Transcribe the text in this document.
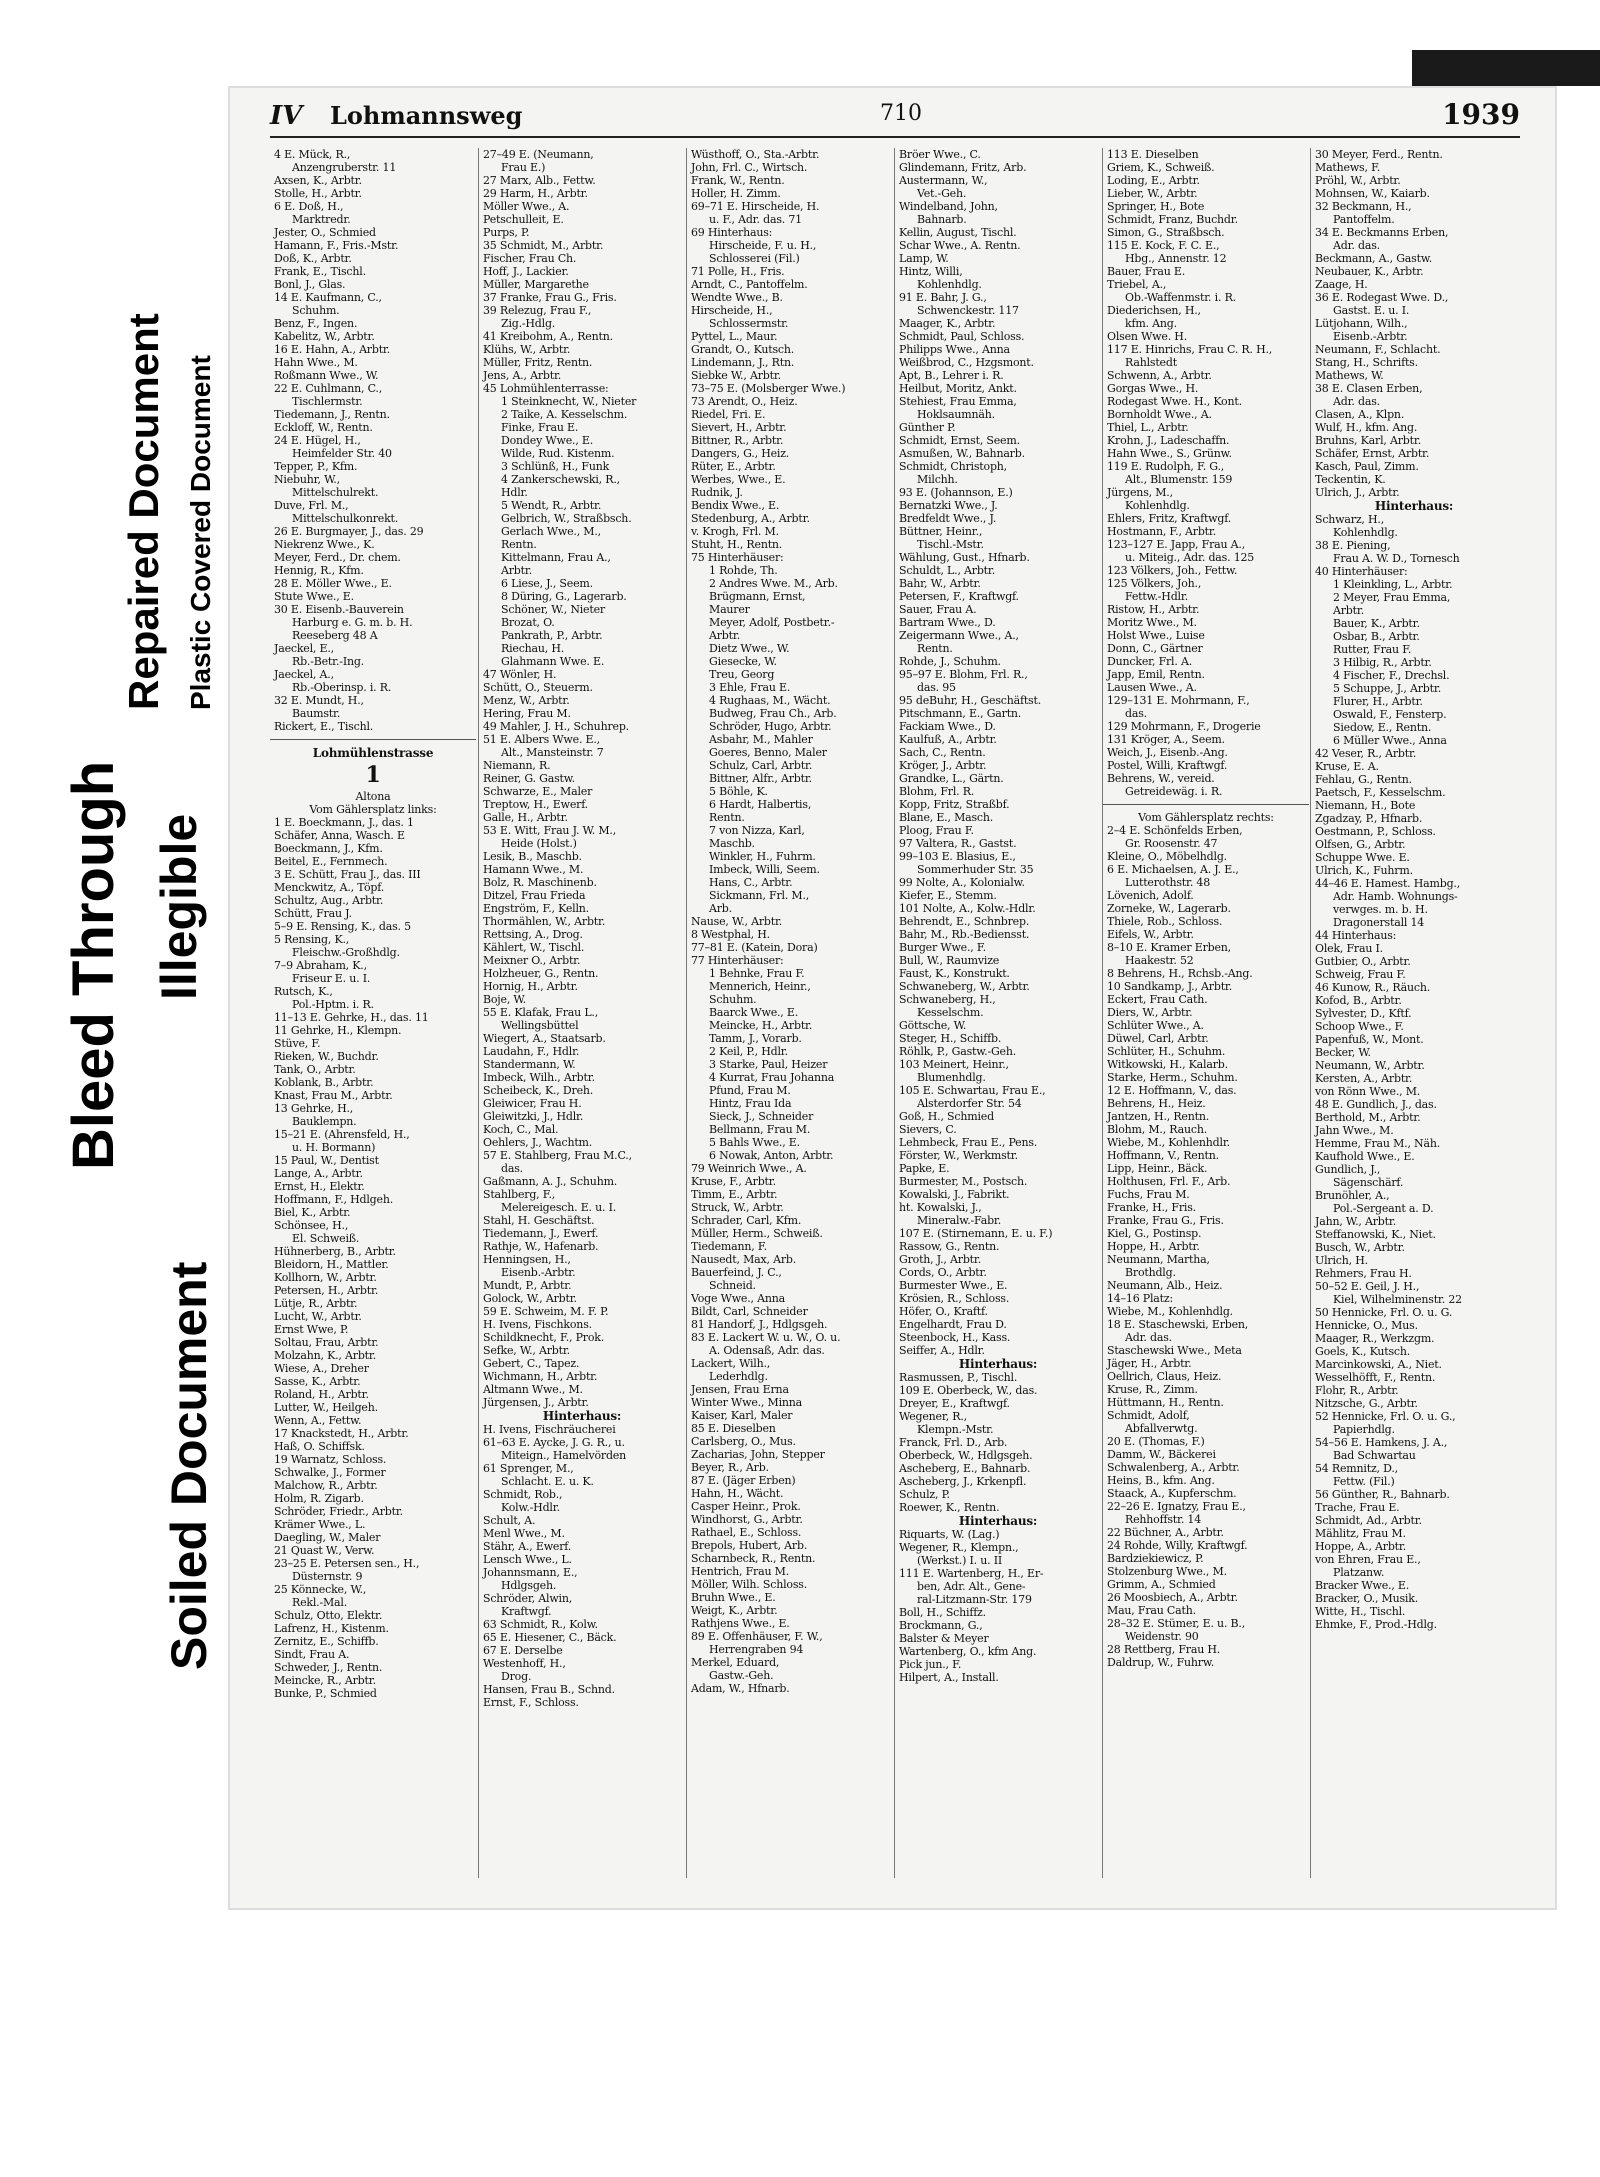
Bleed Through
Repaired Document
Illegible
Soiled Document
Plastic Covered Document
IV Lohmannsweg	710	1939
4 E. Mück, R.,
Anzengruberstr. 11
Axsen, K., Arbtr.
Stolle, H., Arbtr.
6 E. Doß, H.,
Marktredr.
Jester, O., Schmied
Hamann, F., Fris.-Mstr.
Doß, K., Arbtr.
Frank, E., Tischl.
Bonl, J., Glas.
14 E. Kaufmann, C.,
Schuhm.
Benz, F., Ingen.
Kabelitz, W., Arbtr.
16 E. Hahn, A., Arbtr.
Hahn Wwe., M.
Roßmann Wwe., W.
22 E. Cuhlmann, C.,
Tischlermstr.
Tiedemann, J., Rentn.
Eckloff, W., Rentn.
24 E. Hügel, H.,
Heimfelder Str. 40
Tepper, P., Kfm.
Niebuhr, W.,
Mittelschulrekt.
Duve, Frl. M.,
Mittelschulkonrekt.
26 E. Burgmayer, J., das. 29
Niekrenz Wwe., K.
Meyer, Ferd., Dr. chem.
Hennig, R., Kfm.
28 E. Möller Wwe., E.
Stute Wwe., E.
30 E. Eisenb.-Bauverein
Harburg e. G. m. b. H.
Reeseberg 48 A
Jaeckel, E.,
Rb.-Betr.-Ing.
Jaeckel, A.,
Rb.-Oberinsp. i. R.
32 E. Mundt, H.,
Baumstr.
Rickert, E., Tischl.
Lohmühlenstrasse
1
Altona
Vom Gählersplatz links:
1 E. Boeckmann, J., das. 1
Schäfer, Anna, Wasch. E
Boeckmann, J., Kfm.
Beitel, E., Fernmech.
3 E. Schütt, Frau J., das. III
Menckwitz, A., Töpf.
Schultz, Aug., Arbtr.
Schütt, Frau J.
5–9 E. Rensing, K., das. 5
5 Rensing, K.,
Fleischw.-Großhdlg.
7–9 Abraham, K.,
Friseur E. u. I.
Rutsch, K.,
Pol.-Hptm. i. R.
11–13 E. Gehrke, H., das. 11
11 Gehrke, H., Klempn.
Stüve, F.
Rieken, W., Buchdr.
Tank, O., Arbtr.
Koblank, B., Arbtr.
Knast, Frau M., Arbtr.
13 Gehrke, H.,
Bauklempn.
15–21 E. (Ahrensfeld, H.,
u. H. Bormann)
15 Paul, W., Dentist
Lange, A., Arbtr.
Ernst, H., Elektr.
Hoffmann, F., Hdlgeh.
Biel, K., Arbtr.
Schönsee, H.,
El. Schweiß.
Hühnerberg, B., Arbtr.
Bleidorn, H., Mattler.
Kollhorn, W., Arbtr.
Petersen, H., Arbtr.
Lütje, R., Arbtr.
Lucht, W., Arbtr.
Ernst Wwe, P.
Soltau, Frau, Arbtr.
Molzahn, K., Arbtr.
Wiese, A., Dreher
Sasse, K., Arbtr.
Roland, H., Arbtr.
Lutter, W., Heilgeh.
Wenn, A., Fettw.
17 Knackstedt, H., Arbtr.
Haß, O. Schiffsk.
19 Warnatz, Schloss.
Schwalke, J., Former
Malchow, R., Arbtr.
Holm, R. Zigarb.
Schröder, Friedr., Arbtr.
Krämer Wwe., L.
Daegling, W., Maler
21 Quast W., Verw.
23–25 E. Petersen sen., H.,
Düsternstr. 9
25 Könnecke, W.,
Rekl.-Mal.
Schulz, Otto, Elektr.
Lafrenz, H., Kistenm.
Zernitz, E., Schiffb.
Sindt, Frau A.
Schweder, J., Rentn.
Meincke, R., Arbtr.
Bunke, P., Schmied
27–49 E. (Neumann,
Frau E.)
27 Marx, Alb., Fettw.
29 Harm, H., Arbtr.
Möller Wwe., A.
Petschulleit, E.
Purps, P.
35 Schmidt, M., Arbtr.
Fischer, Frau Ch.
Hoff, J., Lackier.
Müller, Margarethe
37 Franke, Frau G., Fris.
39 Relezug, Frau F.,
Zig.-Hdlg.
41 Kreibohm, A., Rentn.
Klühs, W., Arbtr.
Müller, Fritz, Rentn.
Jens, A., Arbtr.
45 Lohmühlenterrasse:
1 Steinknecht, W., Nieter
2 Taike, A. Kesselschm.
Finke, Frau E.
Dondey Wwe., E.
Wilde, Rud. Kistenm.
3 Schlünß, H., Funk
4 Zankerschewski, R.,
Hdlr.
5 Wendt, R., Arbtr.
Gelbrich, W., Straßbsch.
Gerlach Wwe., M.,
Rentn.
Kittelmann, Frau A.,
Arbtr.
6 Liese, J., Seem.
8 Düring, G., Lagerarb.
Schöner, W., Nieter
Brozat, O.
Pankrath, P., Arbtr.
Riechau, H.
Glahmann Wwe. E.
47 Wönler, H.
Schütt, O., Steuerm.
Menz, W., Arbtr.
Hering, Frau M.
49 Mahler, J. H., Schuhrep.
51 E. Albers Wwe. E.,
Alt., Mansteinstr. 7
Niemann, R.
Reiner, G. Gastw.
Schwarze, E., Maler
Treptow, H., Ewerf.
Galle, H., Arbtr.
53 E. Witt, Frau J. W. M.,
Heide (Holst.)
Lesik, B., Maschb.
Hamann Wwe., M.
Bolz, R. Maschinenb.
Ditzel, Frau Frieda
Engström, F., Kelln.
Thormählen, W., Arbtr.
Rettsing, A., Drog.
Kählert, W., Tischl.
Meixner O., Arbtr.
Holzheuer, G., Rentn.
Hornig, H., Arbtr.
Boje, W.
55 E. Klafak, Frau L.,
Wellingsbüttel
Wiegert, A., Staatsarb.
Laudahn, F., Hdlr.
Standermann, W.
Imbeck, Wilh., Arbtr.
Scheibeck, K., Dreh.
Gleiwicer, Frau H.
Gleiwitzki, J., Hdlr.
Koch, C., Mal.
Oehlers, J., Wachtm.
57 E. Stahlberg, Frau M.C.,
das.
Gaßmann, A. J., Schuhm.
Stahlberg, F.,
Melereigesch. E. u. I.
Stahl, H. Geschäftst.
Tiedemann, J., Ewerf.
Rathje, W., Hafenarb.
Henningsen, H.,
Eisenb.-Arbtr.
Mundt, P., Arbtr.
Golock, W., Arbtr.
59 E. Schweim, M. F. P.
H. Ivens, Fischkons.
Schildknecht, F., Prok.
Sefke, W., Arbtr.
Gebert, C., Tapez.
Wichmann, H., Arbtr.
Altmann Wwe., M.
Jürgensen, J., Arbtr.
Hinterhaus:
H. Ivens, Fischräucherei
61–63 E. Aycke, J. G. R., u.
Miteign., Hamelvörden
61 Sprenger, M.,
Schlacht. E. u. K.
Schmidt, Rob.,
Kolw.-Hdlr.
Schult, A.
Menl Wwe., M.
Stähr, A., Ewerf.
Lensch Wwe., L.
Johannsmann, E.,
Hdlgsgeh.
Schröder, Alwin,
Kraftwgf.
63 Schmidt, R., Kolw.
65 E. Hiesener, C., Bäck.
67 E. Derselbe
Westenhoff, H.,
Drog.
Hansen, Frau B., Schnd.
Ernst, F., Schloss.
Wüsthoff, O., Sta.-Arbtr.
John, Frl. C., Wirtsch.
Frank, W., Rentn.
Holler, H. Zimm.
69–71 E. Hirscheide, H.
u. F., Adr. das. 71
69 Hinterhaus:
Hirscheide, F. u. H.,
Schlosserei (Fil.)
71 Polle, H., Fris.
Arndt, C., Pantoffelm.
Wendte Wwe., B.
Hirscheide, H.,
Schlossermstr.
Pyttel, L., Maur.
Grandt, O., Kutsch.
Lindemann, J., Rtn.
Siebke W., Arbtr.
73–75 E. (Molsberger Wwe.)
73 Arendt, O., Heiz.
Riedel, Fri. E.
Sievert, H., Arbtr.
Bittner, R., Arbtr.
Dangers, G., Heiz.
Rüter, E., Arbtr.
Werbes, Wwe., E.
Rudnik, J.
Bendix Wwe., E.
Stedenburg, A., Arbtr.
v. Krogh, Frl. M.
Stuht, H., Rentn.
75 Hinterhäuser:
1 Rohde, Th.
2 Andres Wwe. M., Arb.
Brügmann, Ernst,
Maurer
Meyer, Adolf, Postbetr.-
Arbtr.
Dietz Wwe., W.
Giesecke, W.
Treu, Georg
3 Ehle, Frau E.
4 Rughaas, M., Wächt.
Budweg, Frau Ch., Arb.
Schröder, Hugo, Arbtr.
Asbahr, M., Mahler
Goeres, Benno, Maler
Schulz, Carl, Arbtr.
Bittner, Alfr., Arbtr.
5 Böhle, K.
6 Hardt, Halbertis,
Rentn.
7 von Nizza, Karl,
Maschb.
Winkler, H., Fuhrm.
Imbeck, Willi, Seem.
Hans, C., Arbtr.
Sickmann, Frl. M.,
Arb.
Nause, W., Arbtr.
8 Westphal, H.
77–81 E. (Katein, Dora)
77 Hinterhäuser:
1 Behnke, Frau F.
Mennerich, Heinr.,
Schuhm.
Baarck Wwe., E.
Meincke, H., Arbtr.
Tamm, J., Vorarb.
2 Keil, P., Hdlr.
3 Starke, Paul, Heizer
4 Kurrat, Frau Johanna
Pfund, Frau M.
Hintz, Frau Ida
Sieck, J., Schneider
Bellmann, Frau M.
5 Bahls Wwe., E.
6 Nowak, Anton, Arbtr.
79 Weinrich Wwe., A.
Kruse, F., Arbtr.
Timm, E., Arbtr.
Struck, W., Arbtr.
Schrader, Carl, Kfm.
Müller, Herm., Schweiß.
Tiedemann, F.
Nausedt, Max, Arb.
Bauerfeind, J. C.,
Schneid.
Voge Wwe., Anna
Bildt, Carl, Schneider
81 Handorf, J., Hdlgsgeh.
83 E. Lackert W. u. W., O. u.
A. Odensaß, Adr. das.
Lackert, Wilh.,
Lederhdlg.
Jensen, Frau Erna
Winter Wwe., Minna
Kaiser, Karl, Maler
85 E. Dieselben
Carlsberg, O., Mus.
Zacharias, John, Stepper
Beyer, R., Arb.
87 E. (Jäger Erben)
Hahn, H., Wächt.
Casper Heinr., Prok.
Windhorst, G., Arbtr.
Rathael, E., Schloss.
Brepols, Hubert, Arb.
Scharnbeck, R., Rentn.
Hentrich, Frau M.
Möller, Wilh. Schloss.
Bruhn Wwe., E.
Weigt, K., Arbtr.
Rathjens Wwe., E.
89 E. Offenhäuser, F. W.,
Herrengraben 94
Merkel, Eduard,
Gastw.-Geh.
Adam, W., Hfnarb.
Bröer Wwe., C.
Glindemann, Fritz, Arb.
Austermann, W.,
Vet.-Geh.
Windelband, John,
Bahnarb.
Kellin, August, Tischl.
Schar Wwe., A. Rentn.
Lamp, W.
Hintz, Willi,
Kohlenhdlg.
91 E. Bahr, J. G.,
Schwenckestr. 117
Maager, K., Arbtr.
Schmidt, Paul, Schloss.
Philipps Wwe., Anna
Weißbrod, C., Hzgsmont.
Apt, B., Lehrer i. R.
Heilbut, Moritz, Ankt.
Stehiest, Frau Emma,
Hoklsaumnäh.
Günther P.
Schmidt, Ernst, Seem.
Asmußen, W., Bahnarb.
Schmidt, Christoph,
Milchh.
93 E. (Johannson, E.)
Bernatzki Wwe., J.
Bredfeldt Wwe., J.
Büttner, Heinr.,
Tischl.-Mstr.
Wählung, Gust., Hfnarb.
Schuldt, L., Arbtr.
Bahr, W., Arbtr.
Petersen, F., Kraftwgf.
Sauer, Frau A.
Bartram Wwe., D.
Zeigermann Wwe., A.,
Rentn.
Rohde, J., Schuhm.
95–97 E. Blohm, Frl. R.,
das. 95
95 deBuhr, H., Geschäftst.
Pitschmann, E., Gartn.
Fackiam Wwe., D.
Kaulfuß, A., Arbtr.
Sach, C., Rentn.
Kröger, J., Arbtr.
Grandke, L., Gärtn.
Blohm, Frl. R.
Kopp, Fritz, Straßbf.
Blane, E., Masch.
Ploog, Frau F.
97 Valtera, R., Gastst.
99–103 E. Blasius, E.,
Sommerhuder Str. 35
99 Nolte, A., Kolonialw.
Kiefer, E., Stemm.
101 Nolte, A., Kolw.-Hdlr.
Behrendt, E., Schnbrep.
Bahr, M., Rb.-Bediensst.
Burger Wwe., F.
Bull, W., Raumvize
Faust, K., Konstrukt.
Schwaneberg, W., Arbtr.
Schwaneberg, H.,
Kesselschm.
Göttsche, W.
Steger, H., Schiffb.
Röhlk, P., Gastw.-Geh.
103 Meinert, Heinr.,
Blumenhdlg.
105 E. Schwartau, Frau E.,
Alsterdorfer Str. 54
Goß, H., Schmied
Sievers, C.
Lehmbeck, Frau E., Pens.
Förster, W., Werkmstr.
Papke, E.
Burmester, M., Postsch.
Kowalski, J., Fabrikt.
ht. Kowalski, J.,
Mineralw.-Fabr.
107 E. (Stirnemann, E. u. F.)
Rassow, G., Rentn.
Groth, J., Arbtr.
Cords, O., Arbtr.
Burmester Wwe., E.
Krösien, R., Schloss.
Höfer, O., Kraftf.
Engelhardt, Frau D.
Steenbock, H., Kass.
Seiffer, A., Hdlr.
Hinterhaus:
Rasmussen, P., Tischl.
109 E. Oberbeck, W., das.
Dreyer, E., Kraftwgf.
Wegener, R.,
Klempn.-Mstr.
Franck, Frl. D., Arb.
Oberbeck, W., Hdlgsgeh.
Ascheberg, E., Bahnarb.
Ascheberg, J., Krkenpfl.
Schulz, P.
Roewer, K., Rentn.
Hinterhaus:
Riquarts, W. (Lag.)
Wegener, R., Klempn.,
(Werkst.) I. u. II
111 E. Wartenberg, H., Er-
ben, Adr. Alt., Gene-
ral-Litzmann-Str. 179
Boll, H., Schiffz.
Brockmann, G.,
Balster & Meyer
Wartenberg, O., kfm Ang.
Pick jun., F.
Hilpert, A., Install.
113 E. Dieselben
Griem, K., Schweiß.
Loding, E., Arbtr.
Lieber, W., Arbtr.
Springer, H., Bote
Schmidt, Franz, Buchdr.
Simon, G., Straßbsch.
115 E. Kock, F. C. E.,
Hbg., Annenstr. 12
Bauer, Frau E.
Triebel, A.,
Ob.-Waffenmstr. i. R.
Diederichsen, H.,
kfm. Ang.
Olsen Wwe. H.
117 E. Hinrichs, Frau C. R. H.,
Rahlstedt
Schwenn, A., Arbtr.
Gorgas Wwe., H.
Rodegast Wwe. H., Kont.
Bornholdt Wwe., A.
Thiel, L., Arbtr.
Krohn, J., Ladeschaffn.
Hahn Wwe., S., Grünw.
119 E. Rudolph, F. G.,
Alt., Blumenstr. 159
Jürgens, M.,
Kohlenhdlg.
Ehlers, Fritz, Kraftwgf.
Hostmann, F., Arbtr.
123–127 E. Japp, Frau A.,
u. Miteig., Adr. das. 125
123 Völkers, Joh., Fettw.
125 Völkers, Joh.,
Fettw.-Hdlr.
Ristow, H., Arbtr.
Moritz Wwe., M.
Holst Wwe., Luise
Donn, C., Gärtner
Duncker, Frl. A.
Japp, Emil, Rentn.
Lausen Wwe., A.
129–131 E. Mohrmann, F.,
das.
129 Mohrmann, F., Drogerie
131 Kröger, A., Seem.
Weich, J., Eisenb.-Ang.
Postel, Willi, Kraftwgf.
Behrens, W., vereid.
Getreidewäg. i. R.
Vom Gählersplatz rechts:
2–4 E. Schönfelds Erben,
Gr. Roosenstr. 47
Kleine, O., Möbelhdlg.
6 E. Michaelsen, A. J. E.,
Lutterothstr. 48
Lövenich, Adolf.
Zorneke, W., Lagerarb.
Thiele, Rob., Schloss.
Eifels, W., Arbtr.
8–10 E. Kramer Erben,
Haakestr. 52
8 Behrens, H., Rchsb.-Ang.
10 Sandkamp, J., Arbtr.
Eckert, Frau Cath.
Diers, W., Arbtr.
Schlüter Wwe., A.
Düwel, Carl, Arbtr.
Schlüter, H., Schuhm.
Witkowski, H., Kalarb.
Starke, Herm., Schuhm.
12 E. Hoffmann, V., das.
Behrens, H., Heiz.
Jantzen, H., Rentn.
Blohm, M., Rauch.
Wiebe, M., Kohlenhdlr.
Hoffmann, V., Rentn.
Lipp, Heinr., Bäck.
Holthusen, Frl. F., Arb.
Fuchs, Frau M.
Franke, H., Fris.
Franke, Frau G., Fris.
Kiel, G., Postinsp.
Hoppe, H., Arbtr.
Neumann, Martha,
Brothdlg.
Neumann, Alb., Heiz.
14–16 Platz:
Wiebe, M., Kohlenhdlg.
18 E. Staschewski, Erben,
Adr. das.
Staschewski Wwe., Meta
Jäger, H., Arbtr.
Oellrich, Claus, Heiz.
Kruse, R., Zimm.
Hüttmann, H., Rentn.
Schmidt, Adolf,
Abfallverwtg.
20 E. (Thomas, F.)
Damm, W., Bäckerei
Schwalenberg, A., Arbtr.
Heins, B., kfm. Ang.
Staack, A., Kupferschm.
22–26 E. Ignatzy, Frau E.,
Rehhoffstr. 14
22 Büchner, A., Arbtr.
24 Rohde, Willy, Kraftwgf.
Bardziekiewicz, P.
Stolzenburg Wwe., M.
Grimm, A., Schmied
26 Moosbiech, A., Arbtr.
Mau, Frau Cath.
28–32 E. Stümer, E. u. B.,
Weidenstr. 90
28 Rettberg, Frau H.
Daldrup, W., Fuhrw.
30 Meyer, Ferd., Rentn.
Mathews, F.
Pröhl, W., Arbtr.
Mohnsen, W., Kaiarb.
32 Beckmann, H.,
Pantoffelm.
34 E. Beckmanns Erben,
Adr. das.
Beckmann, A., Gastw.
Neubauer, K., Arbtr.
Zaage, H.
36 E. Rodegast Wwe. D.,
Gastst. E. u. I.
Lütjohann, Wilh.,
Eisenb.-Arbtr.
Neumann, F., Schlacht.
Stang, H., Schrifts.
Mathews, W.
38 E. Clasen Erben,
Adr. das.
Clasen, A., Klpn.
Wulf, H., kfm. Ang.
Bruhns, Karl, Arbtr.
Schäfer, Ernst, Arbtr.
Kasch, Paul, Zimm.
Teckentin, K.
Ulrich, J., Arbtr.
Hinterhaus:
Schwarz, H.,
Kohlenhdlg.
38 E. Piening,
Frau A. W. D., Tornesch
40 Hinterhäuser:
1 Kleinkling, L., Arbtr.
2 Meyer, Frau Emma,
Arbtr.
Bauer, K., Arbtr.
Osbar, B., Arbtr.
Rutter, Frau F.
3 Hilbig, R., Arbtr.
4 Fischer, F., Drechsl.
5 Schuppe, J., Arbtr.
Flurer, H., Arbtr.
Oswald, F., Fensterp.
Siedow, E., Rentn.
6 Müller Wwe., Anna
42 Veser, R., Arbtr.
Kruse, E. A.
Fehlau, G., Rentn.
Paetsch, F., Kesselschm.
Niemann, H., Bote
Zgadzay, P., Hfnarb.
Oestmann, P., Schloss.
Olfsen, G., Arbtr.
Schuppe Wwe. E.
Ulrich, K., Fuhrm.
44–46 E. Hamest. Hambg.,
Adr. Hamb. Wohnungs-
verwges. m. b. H.
Dragonerstall 14
44 Hinterhaus:
Olek, Frau I.
Gutbier, O., Arbtr.
Schweig, Frau F.
46 Kunow, R., Räuch.
Kofod, B., Arbtr.
Sylvester, D., Kftf.
Schoop Wwe., F.
Papenfuß, W., Mont.
Becker, W.
Neumann, W., Arbtr.
Kersten, A., Arbtr.
von Rönn Wwe., M.
48 E. Gundlich, J., das.
Berthold, M., Arbtr.
Jahn Wwe., M.
Hemme, Frau M., Näh.
Kaufhold Wwe., E.
Gundlich, J.,
Sägenschärf.
Brunöhler, A.,
Pol.-Sergeant a. D.
Jahn, W., Arbtr.
Steffanowski, K., Niet.
Busch, W., Arbtr.
Ulrich, H.
Rehmers, Frau H.
50–52 E. Geil, J. H.,
Kiel, Wilhelminenstr. 22
50 Hennicke, Frl. O. u. G.
Hennicke, O., Mus.
Maager, R., Werkzgm.
Goels, K., Kutsch.
Marcinkowski, A., Niet.
Wesselhöfft, F., Rentn.
Flohr, R., Arbtr.
Nitzsche, G., Arbtr.
52 Hennicke, Frl. O. u. G.,
Papierhdlg.
54–56 E. Hamkens, J. A.,
Bad Schwartau
54 Remnitz, D.,
Fettw. (Fil.)
56 Günther, R., Bahnarb.
Trache, Frau E.
Schmidt, Ad., Arbtr.
Mählitz, Frau M.
Hoppe, A., Arbtr.
von Ehren, Frau E.,
Platzanw.
Bracker Wwe., E.
Bracker, O., Musik.
Witte, H., Tischl.
Ehmke, F., Prod.-Hdlg.
